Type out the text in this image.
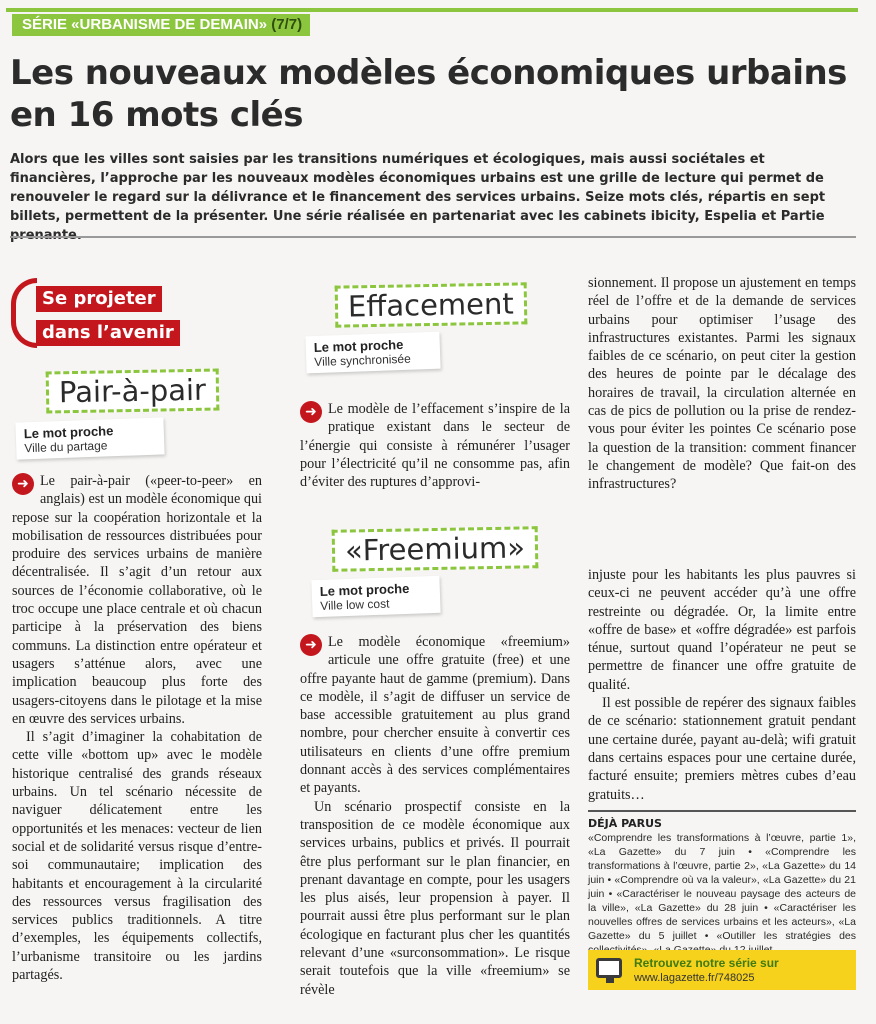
SÉRIE «URBANISME DE DEMAIN» (7/7)
Les nouveaux modèles économiques urbains en 16 mots clés

Alors que les villes sont saisies par les transitions numériques et écologiques, mais aussi sociétales et financières, l’approche par les nouveaux modèles économiques urbains est une grille de lecture qui permet de renouveler le regard sur la délivrance et le financement des services urbains. Seize mots clés, répartis en sept billets, permettent de la présenter. Une série réalisée en partenariat avec les cabinets ibicity, Espelia et Partie prenante.

Se projeter
dans l’avenir
Pair-à-pair
Le mot proche
Ville du partage
Effacement
Le mot proche
Ville synchronisée
«Freemium»
Le mot proche
Ville low cost

➜ Le pair-à-pair («peer-to-peer» en anglais) est un modèle économique qui repose sur la coopération horizontale et la mobilisation de ressources distribuées pour produire des services urbains de manière décentralisée. Il s’agit d’un retour aux sources de l’économie collaborative, où le troc occupe une place centrale et où chacun participe à la préservation des biens communs. La distinction entre opérateur et usagers s’atténue alors, avec une implication beaucoup plus forte des usagers-citoyens dans le pilotage et la mise en œuvre des services urbains.

Il s’agit d’imaginer la cohabitation de cette ville «bottom up» avec le modèle historique centralisé des grands réseaux urbains. Un tel scénario nécessite de naviguer délicatement entre les opportunités et les menaces: vecteur de lien social et de solidarité versus risque d’entre-soi communautaire; implication des habitants et encouragement à la circularité des ressources versus fragilisation des services publics traditionnels. A titre d’exemples, les équipements collectifs, l’urbanisme transitoire ou les jardins partagés.

➜ Le modèle de l’effacement s’inspire de la pratique existant dans le secteur de l’énergie qui consiste à rémunérer l’usager pour l’électricité qu’il ne consomme pas, afin d’éviter des ruptures d’approvi-

➜ Le modèle économique «freemium» articule une offre gratuite (free) et une offre payante haut de gamme (premium). Dans ce modèle, il s’agit de diffuser un service de base accessible gratuitement au plus grand nombre, pour chercher ensuite à convertir ces utilisateurs en clients d’une offre premium donnant accès à des services complémentaires et payants.

Un scénario prospectif consiste en la transposition de ce modèle économique aux services urbains, publics et privés. Il pourrait être plus performant sur le plan financier, en prenant davantage en compte, pour les usagers les plus aisés, leur propension à payer. Il pourrait aussi être plus performant sur le plan écologique en facturant plus cher les quantités relevant d’une «surconsommation». Le risque serait toutefois que la ville «freemium» se révèle

sionnement. Il propose un ajustement en temps réel de l’offre et de la demande de services urbains pour optimiser l’usage des infrastructures existantes. Parmi les signaux faibles de ce scénario, on peut citer la gestion des heures de pointe par le décalage des horaires de travail, la circulation alternée en cas de pics de pollution ou la prise de rendez-vous pour éviter les pointes Ce scénario pose la question de la transition: comment financer le changement de modèle? Que fait-on des infrastructures?

injuste pour les habitants les plus pauvres si ceux-ci ne peuvent accéder qu’à une offre restreinte ou dégradée. Or, la limite entre «offre de base» et «offre dégradée» est parfois ténue, surtout quand l’opérateur ne peut se permettre de financer une offre gratuite de qualité.

Il est possible de repérer des signaux faibles de ce scénario: stationnement gratuit pendant une certaine durée, payant au-delà; wifi gratuit dans certains espaces pour une certaine durée, facturé ensuite; premiers mètres cubes d’eau gratuits…

DÉJÀ PARUS
«Comprendre les transformations à l’œuvre, partie 1», «La Gazette» du 7 juin • «Comprendre les transformations à l’œuvre, partie 2», «La Gazette» du 14 juin • «Comprendre où va la valeur», «La Gazette» du 21 juin • «Caractériser le nouveau paysage des acteurs de la ville», «La Gazette» du 28 juin • «Caractériser les nouvelles offres de services urbains et les acteurs», «La Gazette» du 5 juillet • «Outiller les stratégies des
Retrouvez notre série sur
www.lagazette.fr/748025
